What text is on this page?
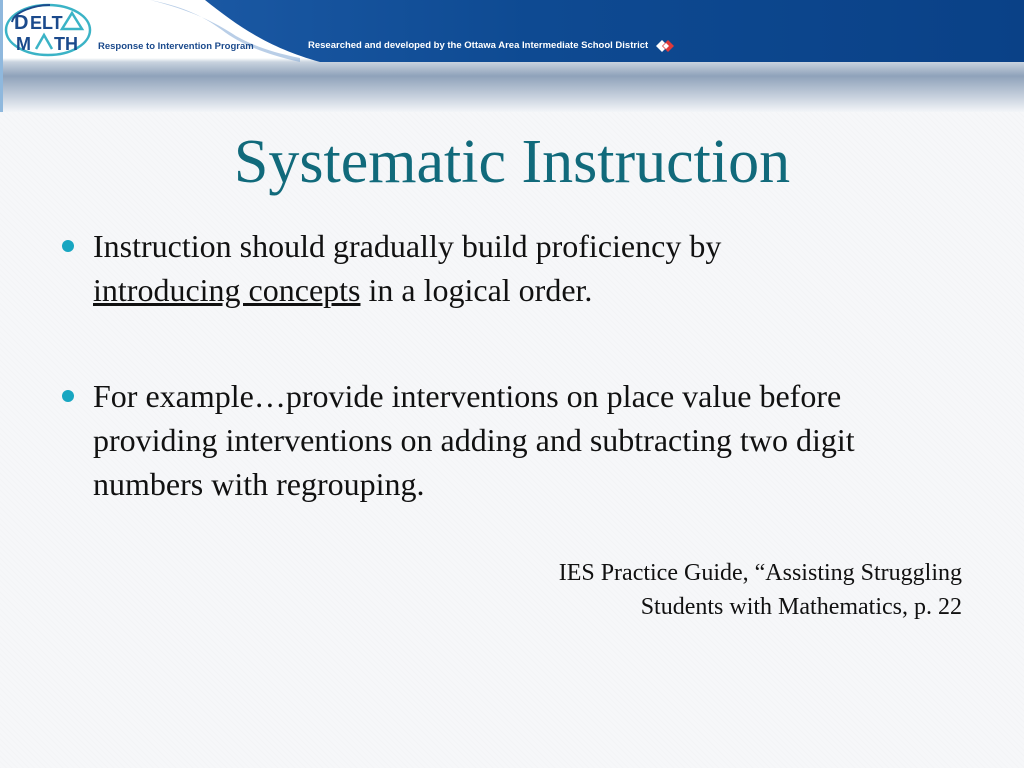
D ELT
M TH Response to Intervention Program	Researched and developed by the Ottawa Area Intermediate School District
Systematic Instruction
Instruction should gradually build proficiency by
introducing concepts in a logical order.
For example…provide interventions on place value before providing interventions on adding and subtracting two digit numbers with regrouping.
IES Practice Guide, “Assisting Struggling
Students with Mathematics, p. 22
